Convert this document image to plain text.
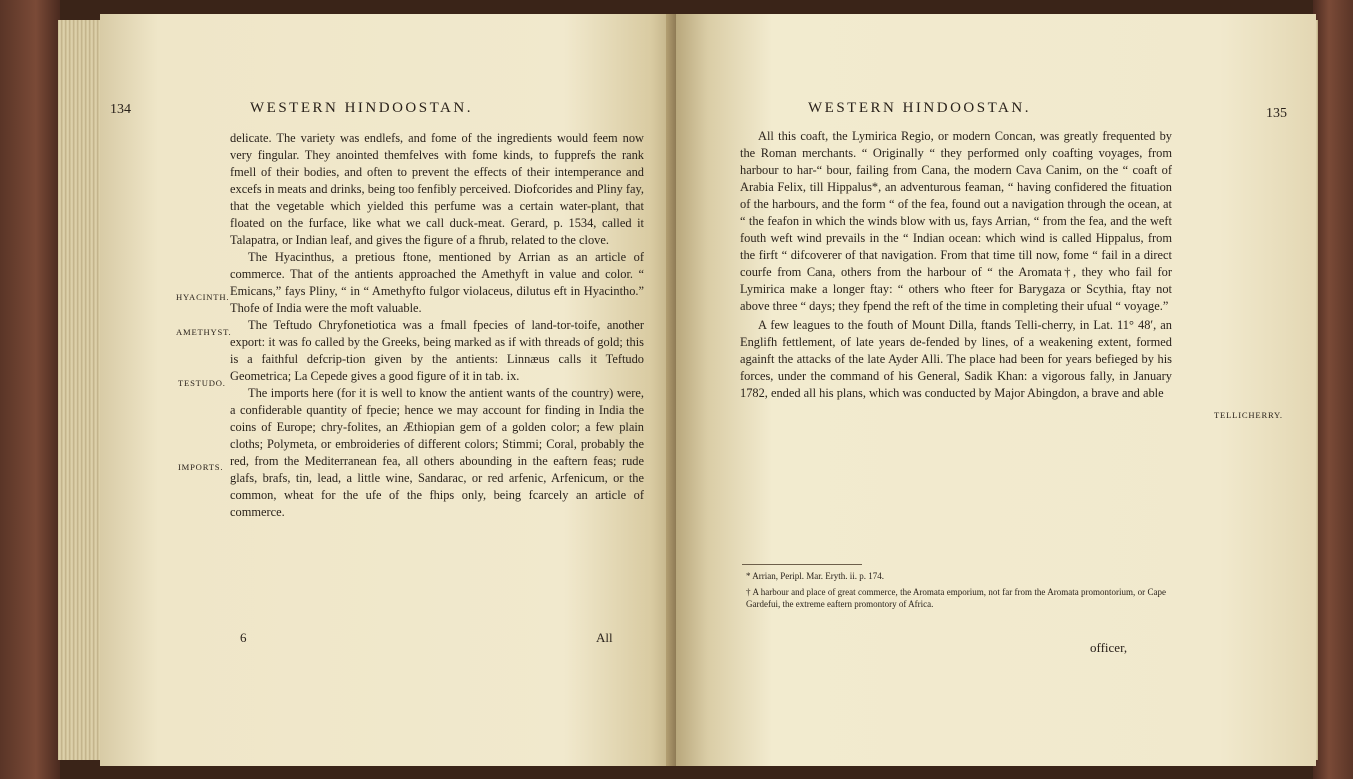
134	WESTERN HINDOOSTAN.
HYACINTH.
AMETHYST.
TESTUDO.
IMPORTS.

delicate. The variety was endlefs, and fome of the ingredients would feem now very fingular. They anointed themfelves with fome kinds, to fupprefs the rank fmell of their bodies, and often to prevent the effects of their intemperance and excefs in meats and drinks, being too fenfibly perceived. Diofcorides and Pliny fay, that the vegetable which yielded this perfume was a certain water-plant, that floated on the furface, like what we call duck-meat. Gerard, p. 1534, called it Talapatra, or Indian leaf, and gives the figure of a fhrub, related to the clove.

The Hyacinthus, a pretious ftone, mentioned by Arrian as an article of commerce. That of the antients approached the Amethyft in value and color. “ Emicans,” fays Pliny, “ in “ Amethyfto fulgor violaceus, dilutus eft in Hyacintho.” Thofe of India were the moft valuable.

The Teftudo Chryfonetiotica was a fmall fpecies of land-tor-toife, another export: it was fo called by the Greeks, being marked as if with threads of gold; this is a faithful defcrip-tion given by the antients: Linnæus calls it Teftudo Geometrica; La Cepede gives a good figure of it in tab. ix.

The imports here (for it is well to know the antient wants of the country) were, a confiderable quantity of fpecie; hence we may account for finding in India the coins of Europe; chry-folites, an Æthiopian gem of a golden color; a few plain cloths; Polymeta, or embroideries of different colors; Stimmi; Coral, probably the red, from the Mediterranean fea, all others abounding in the eaftern feas; rude glafs, brafs, tin, lead, a little wine, Sandarac, or red arfenic, Arfenicum, or the common, wheat for the ufe of the fhips only, being fcarcely an article of commerce.

6	All
WESTERN HINDOOSTAN.	135

All this coaft, the Lymirica Regio, or modern Concan, was greatly frequented by the Roman merchants. “ Originally “ they performed only coafting voyages, from harbour to har-“ bour, failing from Cana, the modern Cava Canim, on the “ coaft of Arabia Felix, till Hippalus*, an adventurous feaman, “ having confidered the fituation of the harbours, and the form “ of the fea, found out a navigation through the ocean, at “ the feafon in which the winds blow with us, fays Arrian, “ from the fea, and the weft fouth weft wind prevails in the “ Indian ocean: which wind is called Hippalus, from the firft “ difcoverer of that navigation. From that time till now, fome “ fail in a direct courfe from Cana, others from the harbour of “ the Aromata†, they who fail for Lymirica make a longer ftay: “ others who fteer for Barygaza or Scythia, ftay not above three “ days; they fpend the reft of the time in completing their ufual “ voyage.”

A few leagues to the fouth of Mount Dilla, ftands Telli-cherry, in Lat. 11° 48′, an Englifh fettlement, of late years de-fended by lines, of a weakening extent, formed againft the attacks of the late Ayder Alli. The place had been for years befieged by his forces, under the command of his General, Sadik Khan: a vigorous fally, in January 1782, ended all his plans, which was conducted by Major Abingdon, a brave and able

TELLICHERRY.
* Arrian, Peripl. Mar. Eryth. ii. p. 174.
† A harbour and place of great commerce, the Aromata emporium, not far from the Aromata promontorium, or Cape Gardefui, the extreme eaftern promontory of Africa.
officer,
